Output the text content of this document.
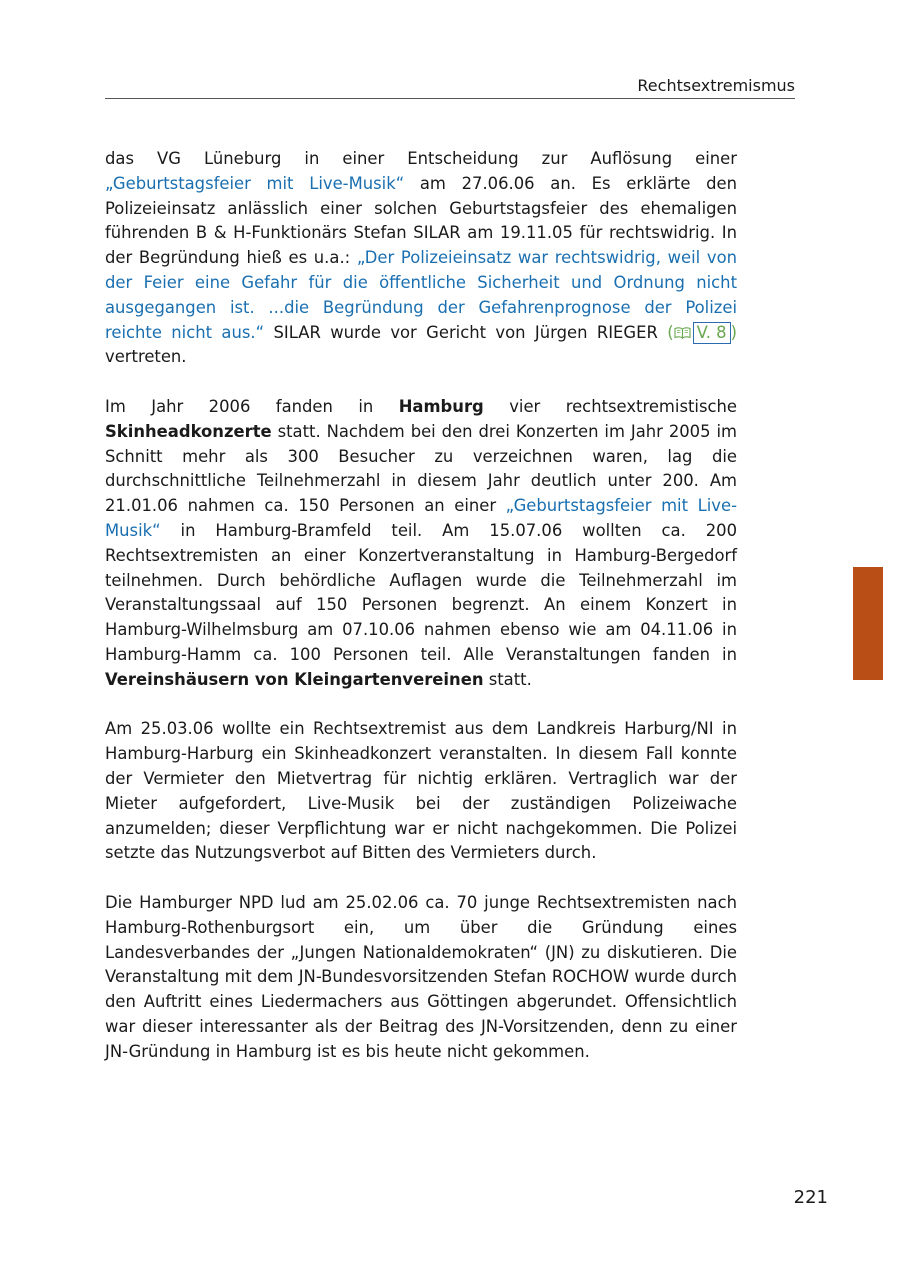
Rechtsextremismus

das VG Lüneburg in einer Entscheidung zur Auflösung einer „Geburtstagsfeier mit Live-Musik“ am 27.06.06 an. Es erklärte den Polizeieinsatz anlässlich einer solchen Geburtstagsfeier des ehemaligen führenden B & H-Funktionärs Stefan SILAR am 19.11.05 für rechtswidrig. In der Begründung hieß es u.a.: „Der Polizeieinsatz war rechtswidrig, weil von der Feier eine Gefahr für die öffentliche Sicherheit und Ordnung nicht ausgegangen ist. ...die Begründung der Gefahrenprognose der Polizei reichte nicht aus.“ SILAR wurde vor Gericht von Jürgen RIEGER ( V. 8 ) vertreten.

Im Jahr 2006 fanden in Hamburg vier rechtsextremistische Skinheadkonzerte statt. Nachdem bei den drei Konzerten im Jahr 2005 im Schnitt mehr als 300 Besucher zu verzeichnen waren, lag die durchschnittliche Teilnehmerzahl in diesem Jahr deutlich unter 200. Am 21.01.06 nahmen ca. 150 Personen an einer „Geburtstagsfeier mit Live-Musik“ in Hamburg-Bramfeld teil. Am 15.07.06 wollten ca. 200 Rechtsextremisten an einer Konzertveranstaltung in Hamburg-Bergedorf teilnehmen. Durch behördliche Auflagen wurde die Teilnehmerzahl im Veranstaltungssaal auf 150 Personen begrenzt. An einem Konzert in Hamburg-Wilhelmsburg am 07.10.06 nahmen ebenso wie am 04.11.06 in Hamburg-Hamm ca. 100 Personen teil. Alle Veranstaltungen fanden in Vereinshäusern von Kleingartenvereinen statt.

Am 25.03.06 wollte ein Rechtsextremist aus dem Landkreis Harburg/NI in Hamburg-Harburg ein Skinheadkonzert veranstalten. In diesem Fall konnte der Vermieter den Mietvertrag für nichtig erklären. Vertraglich war der Mieter aufgefordert, Live-Musik bei der zuständigen Polizeiwache anzumelden; dieser Verpflichtung war er nicht nachgekommen. Die Polizei setzte das Nutzungsverbot auf Bitten des Vermieters durch.

Die Hamburger NPD lud am 25.02.06 ca. 70 junge Rechtsextremisten nach Hamburg-Rothenburgsort ein, um über die Gründung eines Landesverbandes der „Jungen Nationaldemokraten“ (JN) zu diskutieren. Die Veranstaltung mit dem JN-Bundesvorsitzenden Stefan ROCHOW wurde durch den Auftritt eines Liedermachers aus Göttingen abgerundet. Offensichtlich war dieser interessanter als der Beitrag des JN-Vorsitzenden, denn zu einer JN-Gründung in Hamburg ist es bis heute nicht gekommen.

221
